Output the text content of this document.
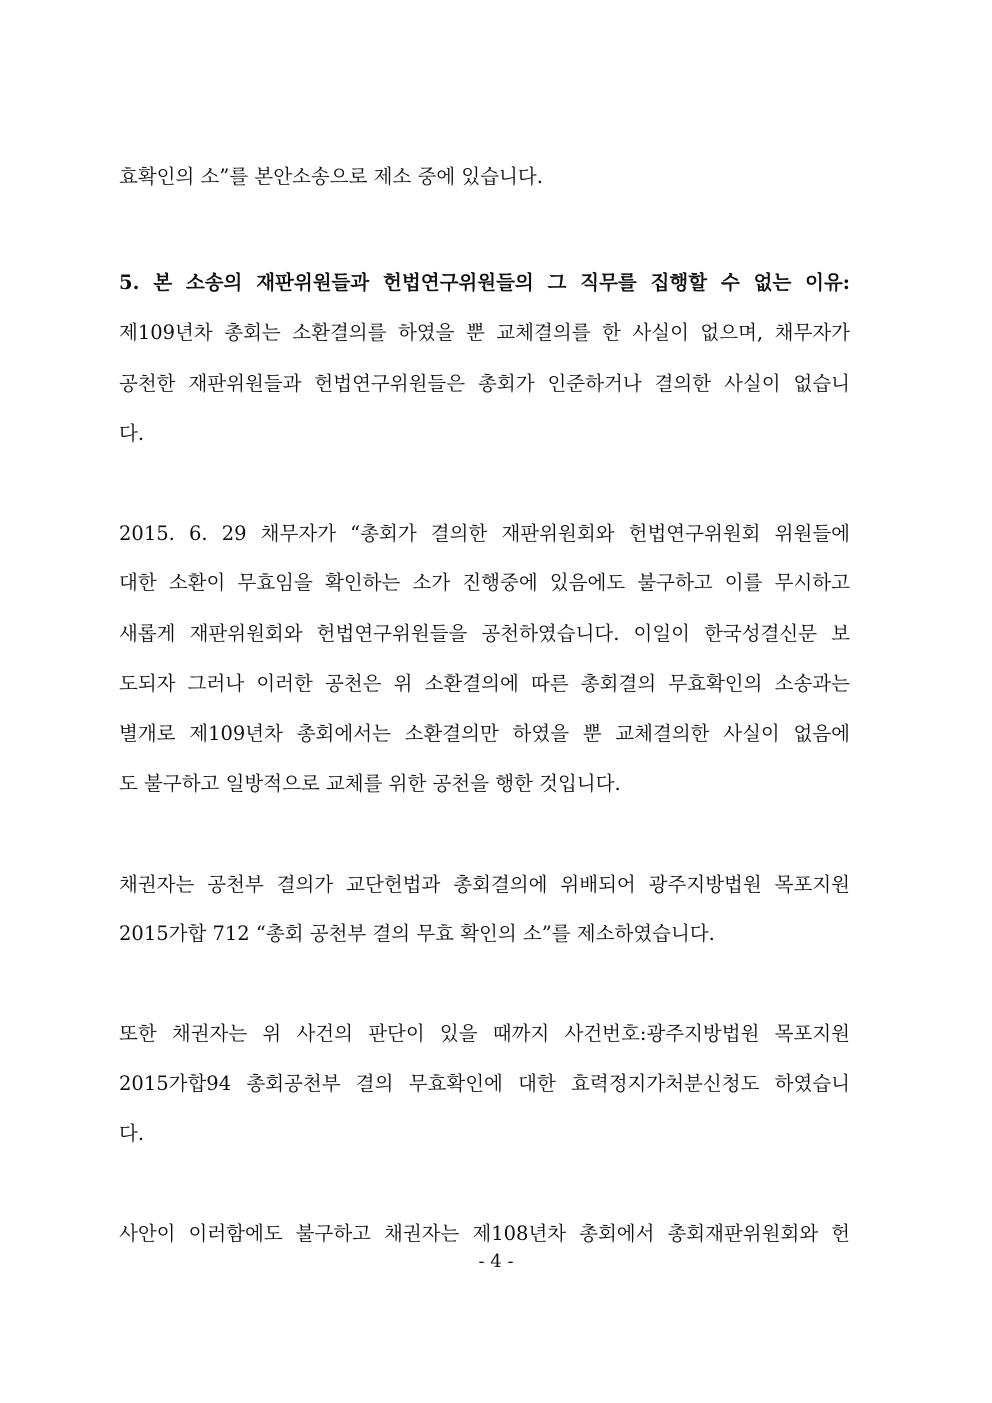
효확인의 소”를 본안소송으로 제소 중에 있습니다.
5. 본 소송의 재판위원들과 헌법연구위원들의 그 직무를 집행할 수 없는 이유:
제109년차 총회는 소환결의를 하였을 뿐 교체결의를 한 사실이 없으며, 채무자가
공천한 재판위원들과 헌법연구위원들은 총회가 인준하거나 결의한 사실이 없습니
다.
2015. 6. 29 채무자가 “총회가 결의한 재판위원회와 헌법연구위원회 위원들에
대한 소환이 무효임을 확인하는 소가 진행중에 있음에도 불구하고 이를 무시하고
새롭게 재판위원회와 헌법연구위원들을 공천하였습니다. 이일이 한국성결신문 보
도되자 그러나 이러한 공천은 위 소환결의에 따른 총회결의 무효확인의 소송과는
별개로 제109년차 총회에서는 소환결의만 하였을 뿐 교체결의한 사실이 없음에
도 불구하고 일방적으로 교체를 위한 공천을 행한 것입니다.
채권자는 공천부 결의가 교단헌법과 총회결의에 위배되어 광주지방법원 목포지원
2015가합 712 “총회 공천부 결의 무효 확인의 소”를 제소하였습니다.
또한 채권자는 위 사건의 판단이 있을 때까지 사건번호:광주지방법원 목포지원
2015가합94 총회공천부 결의 무효확인에 대한 효력정지가처분신청도 하였습니
다.
사안이 이러함에도 불구하고 채권자는 제108년차 총회에서 총회재판위원회와 헌
- 4 -
